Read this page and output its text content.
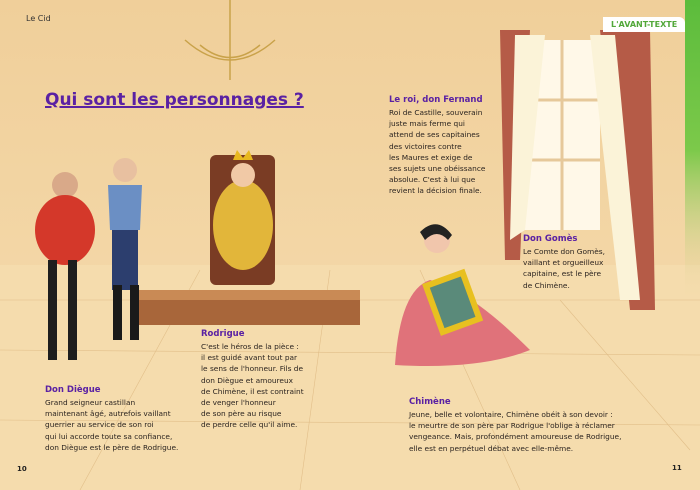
Le Cid
L'AVANT-TEXTE
Qui sont les personnages ?	Le roi, don Fernand

Roi de Castille, souverain
juste mais ferme qui
attend de ses capitaines
des victoires contre
les Maures et exige de
ses sujets une obéissance
absolue. C'est à lui que
revient la décision finale.

Don Gomès

Le Comte don Gomès,
vaillant et orgueilleux
capitaine, est le père
de Chimène.

Rodrigue

C'est le héros de la pièce :
il est guidé avant tout par
le sens de l'honneur. Fils de
don Diègue et amoureux
de Chimène, il est contraint
de venger l'honneur
de son père au risque
de perdre celle qu'il aime.

Don Diègue

Grand seigneur castillan
maintenant âgé, autrefois vaillant
guerrier au service de son roi
qui lui accorde toute sa confiance,
don Diègue est le père de Rodrigue.

Chimène

Jeune, belle et volontaire, Chimène obéit à son devoir :
le meurtre de son père par Rodrigue l'oblige à réclamer
vengeance. Mais, profondément amoureuse de Rodrigue,
elle est en perpétuel débat avec elle-même.

10	11
